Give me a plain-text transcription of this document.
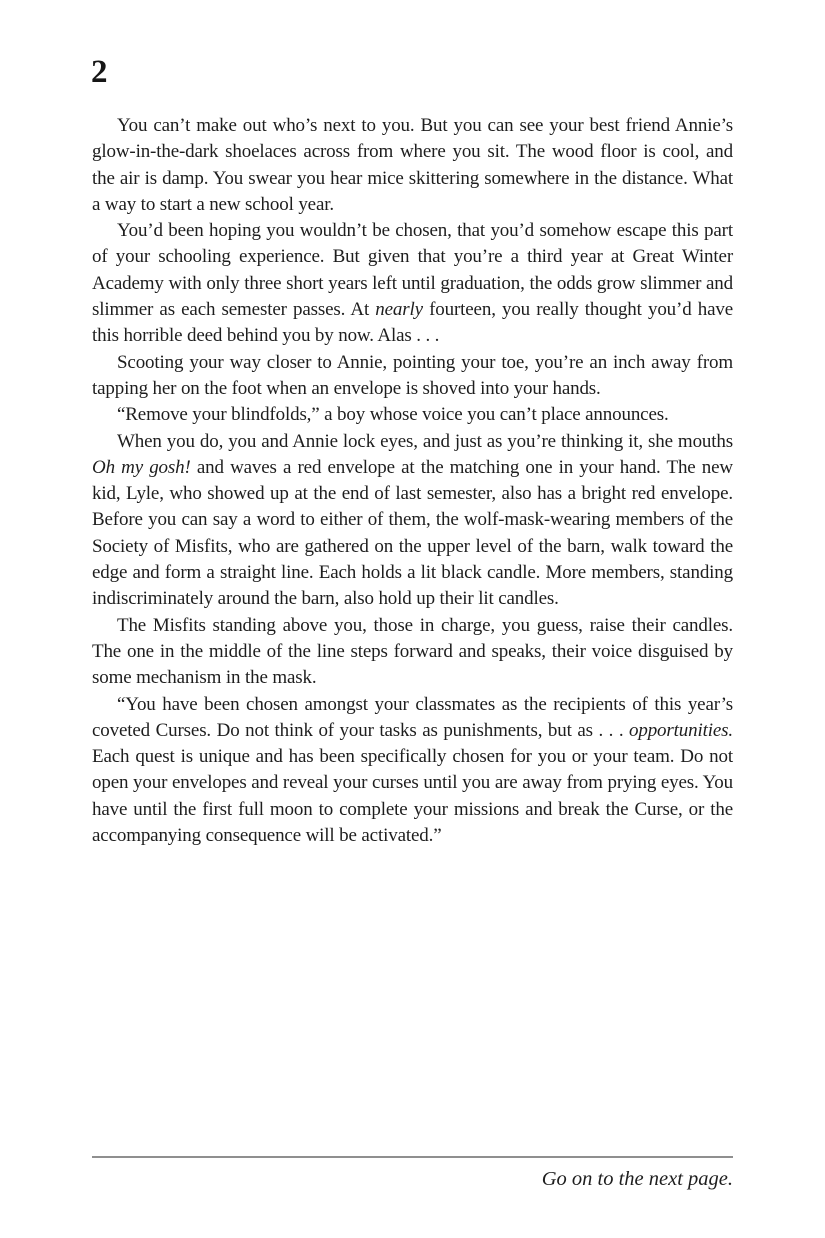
2

You can’t make out who’s next to you. But you can see your best friend Annie’s glow-in-the-dark shoelaces across from where you sit. The wood floor is cool, and the air is damp. You swear you hear mice skittering somewhere in the distance. What a way to start a new school year.

You’d been hoping you wouldn’t be chosen, that you’d somehow escape this part of your schooling experience. But given that you’re a third year at Great Winter Academy with only three short years left until graduation, the odds grow slimmer and slimmer as each semester passes. At nearly fourteen, you really thought you’d have this horrible deed behind you by now. Alas . . .

Scooting your way closer to Annie, pointing your toe, you’re an inch away from tapping her on the foot when an envelope is shoved into your hands.

“Remove your blindfolds,” a boy whose voice you can’t place announces.

When you do, you and Annie lock eyes, and just as you’re thinking it, she mouths Oh my gosh! and waves a red envelope at the matching one in your hand. The new kid, Lyle, who showed up at the end of last semester, also has a bright red envelope. Before you can say a word to either of them, the wolf-mask-wearing members of the Society of Misfits, who are gathered on the upper level of the barn, walk toward the edge and form a straight line. Each holds a lit black candle. More members, standing indiscriminately around the barn, also hold up their lit candles.

The Misfits standing above you, those in charge, you guess, raise their candles. The one in the middle of the line steps forward and speaks, their voice disguised by some mechanism in the mask.

“You have been chosen amongst your classmates as the recipients of this year’s coveted Curses. Do not think of your tasks as punishments, but as . . . opportunities. Each quest is unique and has been specifically chosen for you or your team. Do not open your envelopes and reveal your curses until you are away from prying eyes. You have until the first full moon to complete your missions and break the Curse, or the accompanying consequence will be activated.”

Go on to the next page.
